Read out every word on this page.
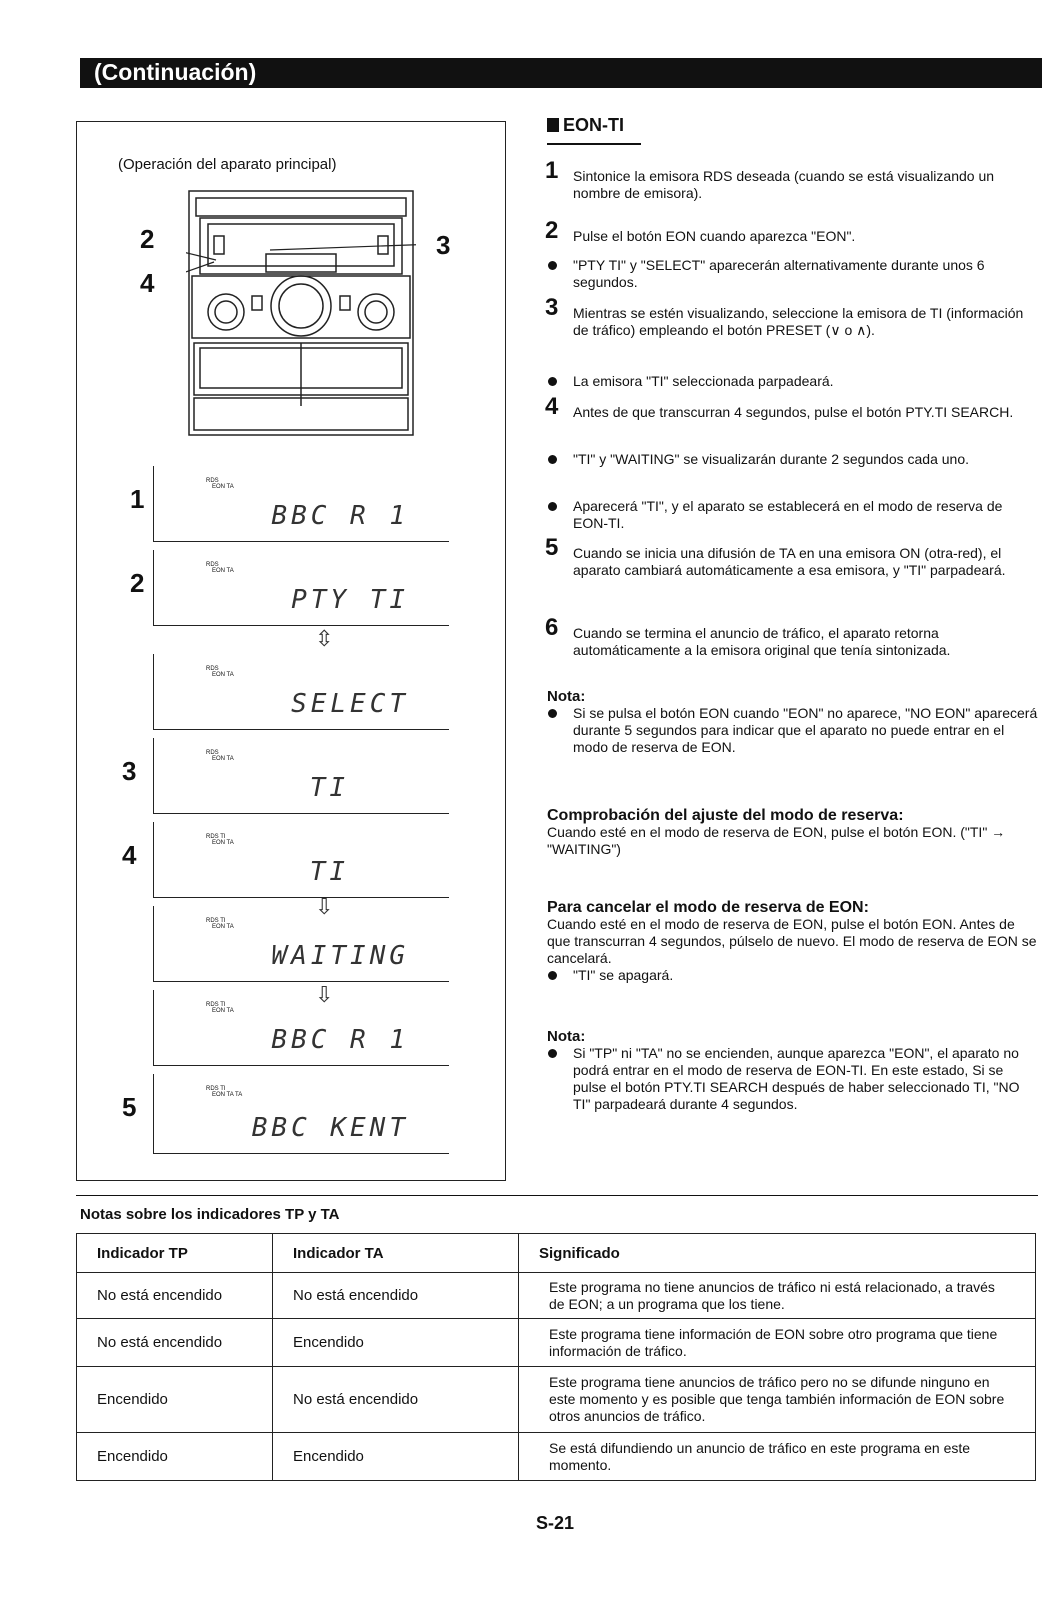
(Continuación)
(Operación del aparato principal)
2
4
3
1
RDS
EON TA
BBC R 1
2
RDS
EON TA
PTY TI
⇳
RDS
EON TA
SELECT
3
RDS
EON TA
TI
4
RDS TI
EON TA
TI
⇩
RDS TI
EON TA
WAITING
⇩
RDS TI
EON TA
BBC R 1
5
RDS TI
EON TA TA
BBC KENT
EON-TI
1	Sintonice la emisora RDS deseada (cuando se está visualizando un nombre de emisora).
2	Pulse el botón EON cuando aparezca "EON".
"PTY TI" y "SELECT" aparecerán alternativamente durante unos 6 segundos.
3	Mientras se estén visualizando, seleccione la emisora de TI (información de tráfico) empleando el botón PRESET (∨ o ∧).
La emisora "TI" seleccionada parpadeará.
4	Antes de que transcurran 4 segundos, pulse el botón PTY.TI SEARCH.
"TI" y "WAITING" se visualizarán durante 2 segundos cada uno.
Aparecerá "TI", y el aparato se establecerá en el modo de reserva de EON-TI.
5	Cuando se inicia una difusión de TA en una emisora ON (otra-red), el aparato cambiará automáticamente a esa emisora, y "TI" parpadeará.
6	Cuando se termina el anuncio de tráfico, el aparato retorna automáticamente a la emisora original que tenía sintonizada.
Nota:
Si se pulsa el botón EON cuando "EON" no aparece, "NO EON" aparecerá durante 5 segundos para indicar que el aparato no puede entrar en el modo de reserva de EON.
Comprobación del ajuste del modo de reserva:
Cuando esté en el modo de reserva de EON, pulse el botón EON. ("TI" → "WAITING")
Para cancelar el modo de reserva de EON:
Cuando esté en el modo de reserva de EON, pulse el botón EON. Antes de que transcurran 4 segundos, púlselo de nuevo. El modo de reserva de EON se cancelará.
"TI" se apagará.
Nota:
Si "TP" ni "TA" no se encienden, aunque aparezca "EON", el aparato no podrá entrar en el modo de reserva de EON-TI. En este estado, Si se pulse el botón PTY.TI SEARCH después de haber seleccionado TI, "NO TI" parpadeará durante 4 segundos.
Notas sobre los indicadores TP y TA
Indicador TP	Indicador TA	Significado
No está encendido	No está encendido	Este programa no tiene anuncios de tráfico ni está relacionado, a través de EON; a un programa que los tiene.
No está encendido	Encendido	Este programa tiene información de EON sobre otro programa que tiene información de tráfico.
Encendido	No está encendido	Este programa tiene anuncios de tráfico pero no se difunde ninguno en este momento y es posible que tenga también información de EON sobre otros anuncios de tráfico.
Encendido	Encendido	Se está difundiendo un anuncio de tráfico en este programa en este momento.
S-21
